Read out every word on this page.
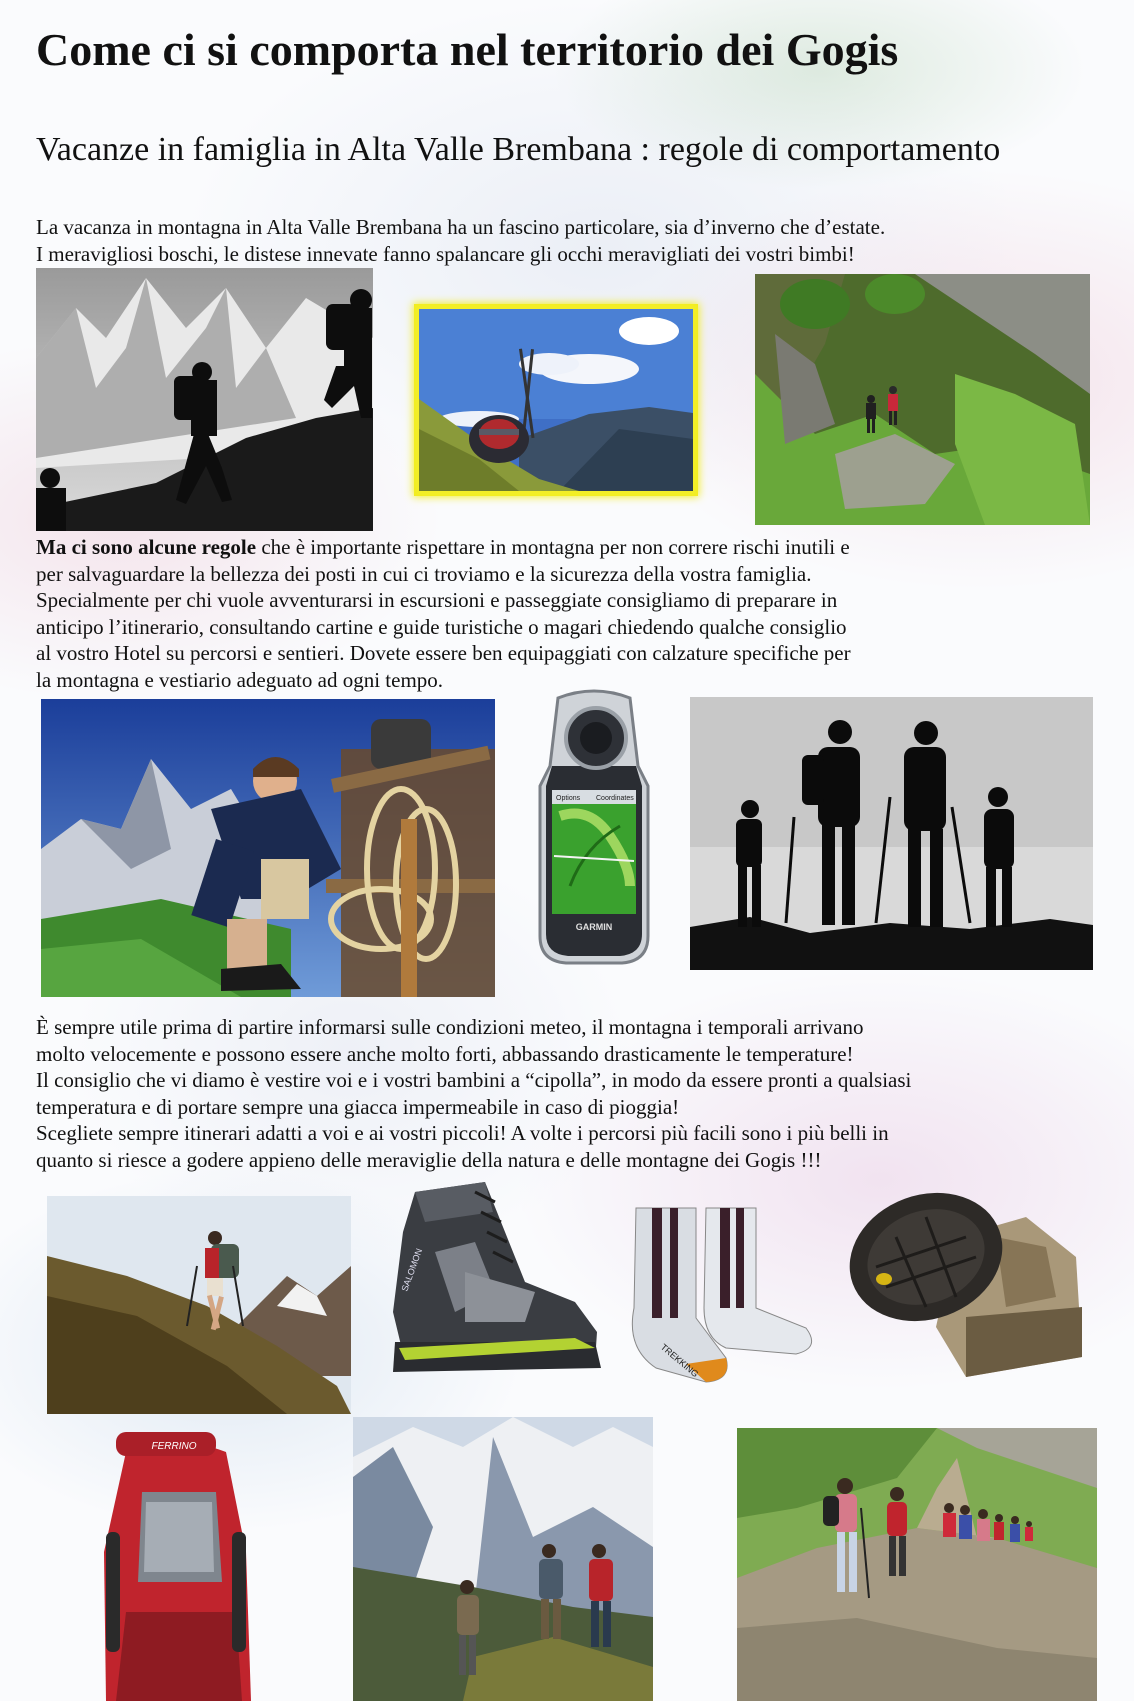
Come ci si comporta nel territorio dei Gogis
Vacanze in famiglia in Alta Valle Brembana : regole di comportamento

La vacanza in montagna in Alta Valle Brembana ha un fascino particolare, sia d’inverno che d’estate.

I meravigliosi boschi, le distese innevate fanno spalancare gli occhi meravigliati dei vostri bimbi!

Ma ci sono alcune regole che è importante rispettare in montagna per non correre rischi inutili e

per salvaguardare la bellezza dei posti in cui ci troviamo e la sicurezza della vostra famiglia.

Specialmente per chi vuole avventurarsi in escursioni e passeggiate consigliamo di preparare in

anticipo l’itinerario, consultando cartine e guide turistiche o magari chiedendo qualche consiglio

al vostro Hotel su percorsi e sentieri. Dovete essere ben equipaggiati con calzature specifiche per

la montagna e vestiario adeguato ad ogni tempo.

Options Coordinates
GARMIN

È sempre utile prima di partire informarsi sulle condizioni meteo, il montagna i temporali arrivano

molto velocemente e possono essere anche molto forti, abbassando drasticamente le temperature!

Il consiglio che vi diamo è vestire voi e i vostri bambini a “cipolla”, in modo da essere pronti a qualsiasi

temperatura e di portare sempre una giacca impermeabile in caso di pioggia!

Scegliete sempre itinerari adatti a voi e ai vostri piccoli! A volte i percorsi più facili sono i più belli in

quanto si riesce a godere appieno delle meraviglie della natura e delle montagne dei Gogis !!!

SALOMON
TREKKING
FERRINO
